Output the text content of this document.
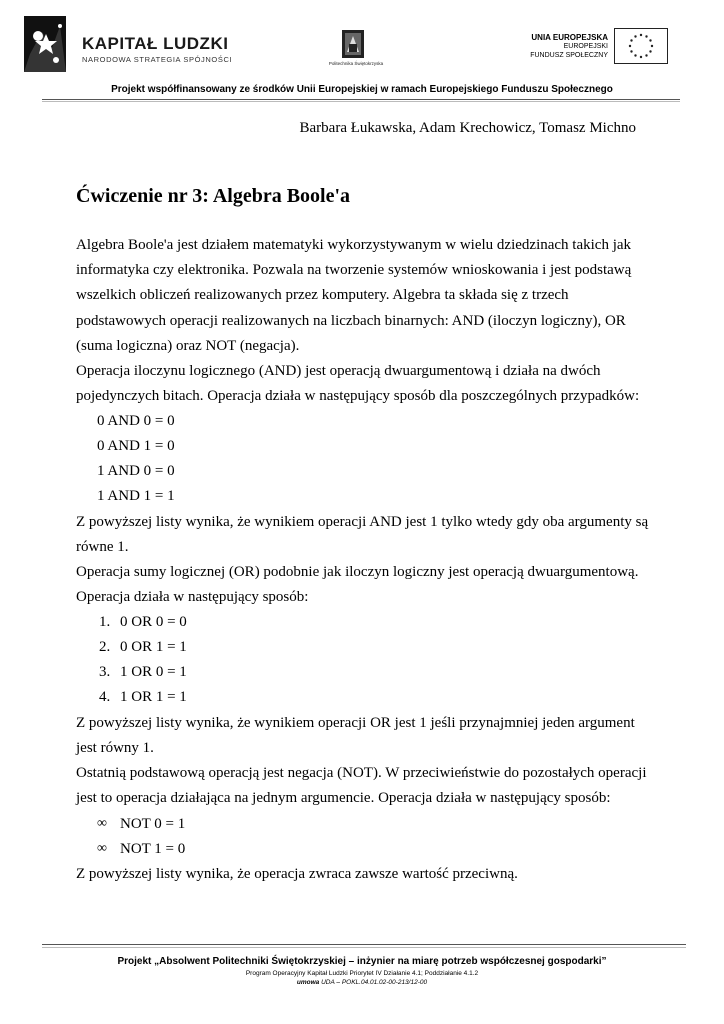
KAPITAŁ LUDZKI
NARODOWA STRATEGIA SPÓJNOŚCI	Politechnika Świętokrzyska
UNIA EUROPEJSKA
EUROPEJSKI
FUNDUSZ SPOŁECZNY
Projekt współfinansowany ze środków Unii Europejskiej w ramach Europejskiego Funduszu Społecznego
Barbara Łukawska, Adam Krechowicz, Tomasz Michno
Ćwiczenie nr 3: Algebra Boole'a
Algebra Boole'a jest działem matematyki wykorzystywanym w wielu dziedzinach takich jak
informatyka czy elektronika. Pozwala na tworzenie systemów wnioskowania i jest podstawą
wszelkich obliczeń realizowanych przez komputery. Algebra ta składa się z trzech
podstawowych operacji realizowanych na liczbach binarnych: AND (iloczyn logiczny), OR
(suma logiczna) oraz NOT (negacja).
Operacja iloczynu logicznego (AND) jest operacją dwuargumentową i działa na dwóch
pojedynczych bitach. Operacja działa w następujący sposób dla poszczególnych przypadków:
0 AND 0 = 0
0 AND 1 = 0
1 AND 0 = 0
1 AND 1 = 1
Z powyższej listy wynika, że wynikiem operacji AND jest 1 tylko wtedy gdy oba argumenty są
równe 1.
Operacja sumy logicznej (OR) podobnie jak iloczyn logiczny jest operacją dwuargumentową.
Operacja działa w następujący sposób:
1. 0 OR 0 = 0
2. 0 OR 1 = 1
3. 1 OR 0 = 1
4. 1 OR 1 = 1
Z powyższej listy wynika, że wynikiem operacji OR jest 1 jeśli przynajmniej jeden argument
jest równy 1.
Ostatnią podstawową operacją jest negacja (NOT). W przeciwieństwie do pozostałych operacji
jest to operacja działająca na jednym argumencie. Operacja działa w następujący sposób:
∞ NOT 0 = 1
∞ NOT 1 = 0
Z powyższej listy wynika, że operacja zwraca zawsze wartość przeciwną.
Projekt „Absolwent Politechniki Świętokrzyskiej – inżynier na miarę potrzeb współczesnej gospodarki”
Program Operacyjny Kapitał Ludzki Priorytet IV Działanie 4.1; Poddziałanie 4.1.2
umowa UDA – POKL.04.01.02-00-213/12-00
